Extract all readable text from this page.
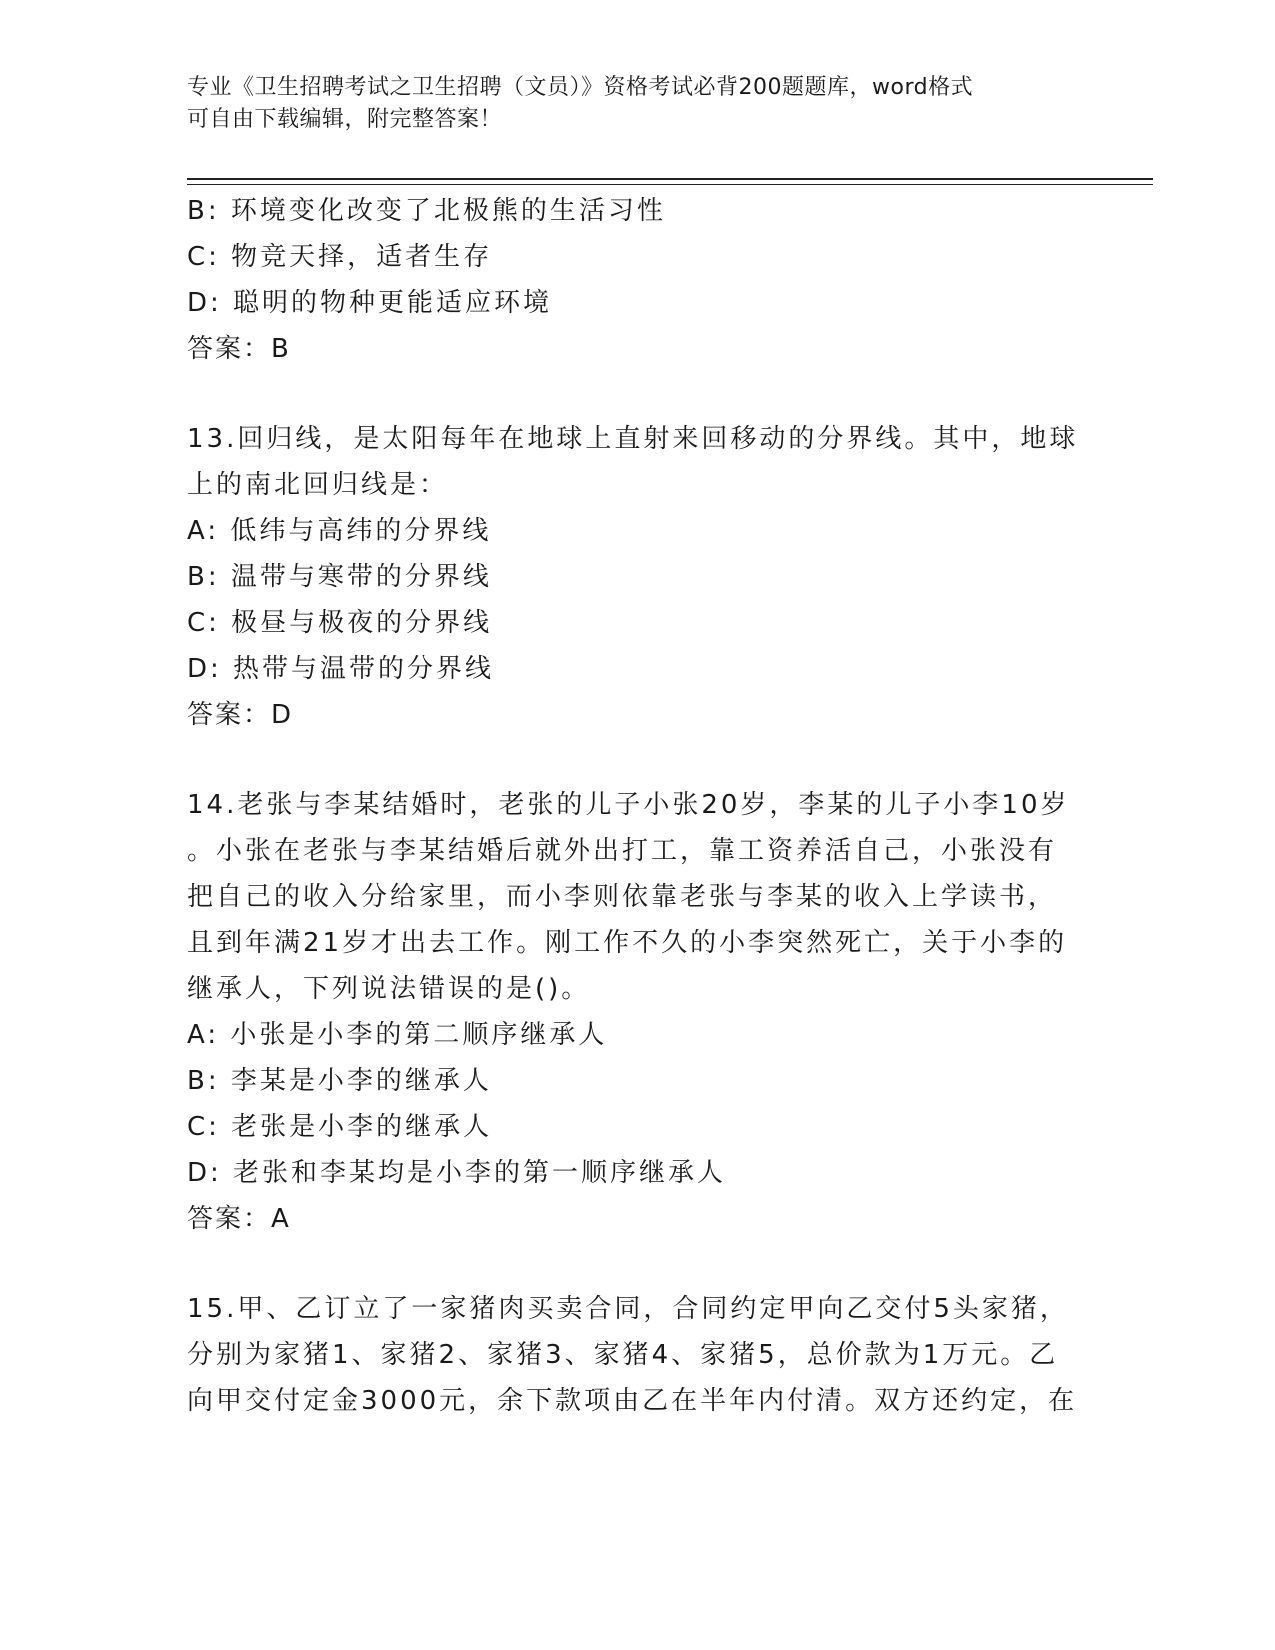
专业《卫生招聘考试之卫生招聘（文员）》资格考试必背200题题库，word格式
可自由下载编辑，附完整答案！
B: 环境变化改变了北极熊的生活习性
C: 物竞天择，适者生存
D: 聪明的物种更能适应环境
答案：B
13.回归线，是太阳每年在地球上直射来回移动的分界线。其中，地球
上的南北回归线是：
A: 低纬与高纬的分界线
B: 温带与寒带的分界线
C: 极昼与极夜的分界线
D: 热带与温带的分界线
答案：D
14.老张与李某结婚时，老张的儿子小张20岁，李某的儿子小李10岁
。小张在老张与李某结婚后就外出打工，靠工资养活自己，小张没有
把自己的收入分给家里，而小李则依靠老张与李某的收入上学读书，
且到年满21岁才出去工作。刚工作不久的小李突然死亡，关于小李的
继承人，下列说法错误的是()。
A: 小张是小李的第二顺序继承人
B: 李某是小李的继承人
C: 老张是小李的继承人
D: 老张和李某均是小李的第一顺序继承人
答案：A
15.甲、乙订立了一家猪肉买卖合同，合同约定甲向乙交付5头家猪，
分别为家猪1、家猪2、家猪3、家猪4、家猪5，总价款为1万元。乙
向甲交付定金3000元，余下款项由乙在半年内付清。双方还约定，在
